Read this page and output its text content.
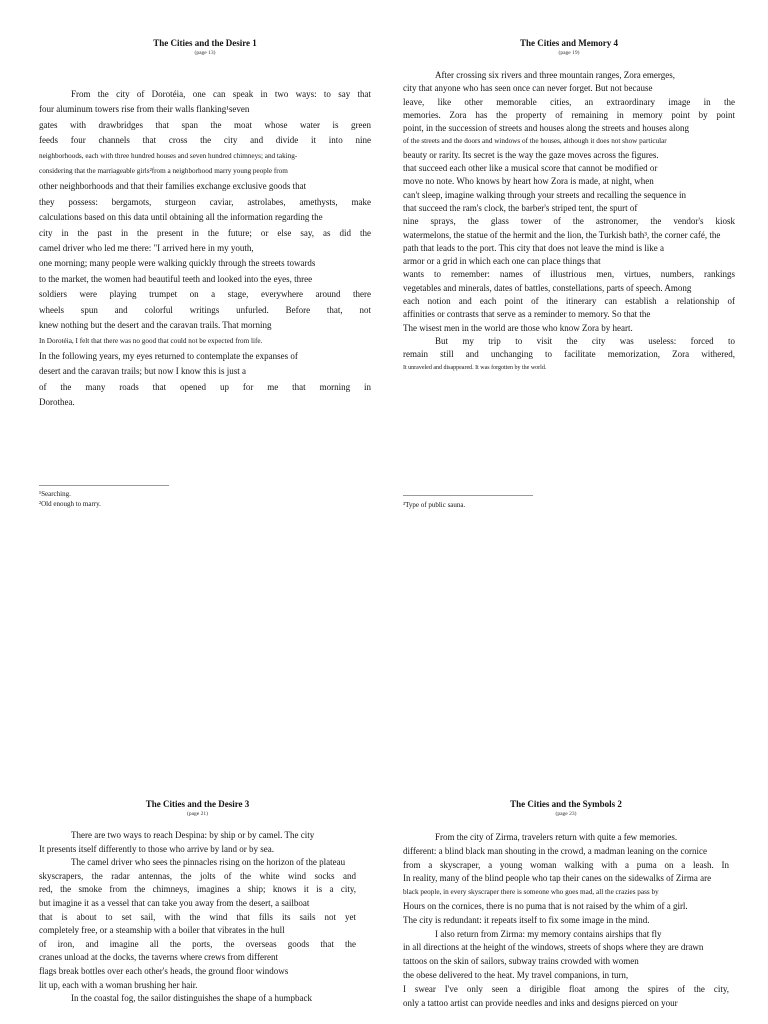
The Cities and the Desire 1
(page 13)
From the city of Dorotéia, one can speak in two ways: to say that
four aluminum towers rise from their walls flanking¹seven
gates with drawbridges that span the moat whose water is green
feeds four channels that cross the city and divide it into nine
neighborhoods, each with three hundred houses and seven hundred chimneys; and taking-
considering that the marriageable girls²from a neighborhood marry young people from
other neighborhoods and that their families exchange exclusive goods that
they possess: bergamots, sturgeon caviar, astrolabes, amethysts, make
calculations based on this data until obtaining all the information regarding the
city in the past in the present in the future; or else say, as did the
camel driver who led me there: "I arrived here in my youth,
one morning; many people were walking quickly through the streets towards
to the market, the women had beautiful teeth and looked into the eyes, three
soldiers were playing trumpet on a stage, everywhere around there
wheels spun and colorful writings unfurled. Before that, not
knew nothing but the desert and the caravan trails. That morning
In Dorotéia, I felt that there was no good that could not be expected from life.
In the following years, my eyes returned to contemplate the expanses of
desert and the caravan trails; but now I know this is just a
of the many roads that opened up for me that morning in
Dorothea.
¹Searching.
²Old enough to marry.
The Cities and Memory 4
(page 19)
After crossing six rivers and three mountain ranges, Zora emerges,
city that anyone who has seen once can never forget. But not because
leave, like other memorable cities, an extraordinary image in the
memories. Zora has the property of remaining in memory point by point
point, in the succession of streets and houses along the streets and houses along
of the streets and the doors and windows of the houses, although it does not show particular
beauty or rarity. Its secret is the way the gaze moves across the figures.
that succeed each other like a musical score that cannot be modified or
move no note. Who knows by heart how Zora is made, at night, when
can't sleep, imagine walking through your streets and recalling the sequence in
that succeed the ram's clock, the barber's striped tent, the spurt of
nine sprays, the glass tower of the astronomer, the vendor's kiosk
watermelons, the statue of the hermit and the lion, the Turkish bath³, the corner café, the
path that leads to the port. This city that does not leave the mind is like a
armor or a grid in which each one can place things that
wants to remember: names of illustrious men, virtues, numbers, rankings
vegetables and minerals, dates of battles, constellations, parts of speech. Among
each notion and each point of the itinerary can establish a relationship of
affinities or contrasts that serve as a reminder to memory. So that the
The wisest men in the world are those who know Zora by heart.
But my trip to visit the city was useless: forced to
remain still and unchanging to facilitate memorization, Zora withered,
It unraveled and disappeared. It was forgotten by the world.
³Type of public sauna.
The Cities and the Desire 3
(page 21)
There are two ways to reach Despina: by ship or by camel. The city
It presents itself differently to those who arrive by land or by sea.
The camel driver who sees the pinnacles rising on the horizon of the plateau
skyscrapers, the radar antennas, the jolts of the white wind socks and
red, the smoke from the chimneys, imagines a ship; knows it is a city,
but imagine it as a vessel that can take you away from the desert, a sailboat
that is about to set sail, with the wind that fills its sails not yet
completely free, or a steamship with a boiler that vibrates in the hull
of iron, and imagine all the ports, the overseas goods that the
cranes unload at the docks, the taverns where crews from different
flags break bottles over each other's heads, the ground floor windows
lit up, each with a woman brushing her hair.
In the coastal fog, the sailor distinguishes the shape of a humpback
The Cities and the Symbols 2
(page 23)
From the city of Zirma, travelers return with quite a few memories.
different: a blind black man shouting in the crowd, a madman leaning on the cornice
from a skyscraper, a young woman walking with a puma on a leash. In
In reality, many of the blind people who tap their canes on the sidewalks of Zirma are
black people, in every skyscraper there is someone who goes mad, all the crazies pass by
Hours on the cornices, there is no puma that is not raised by the whim of a girl.
The city is redundant: it repeats itself to fix some image in the mind.
I also return from Zirma: my memory contains airships that fly
in all directions at the height of the windows, streets of shops where they are drawn
tattoos on the skin of sailors, subway trains crowded with women
the obese delivered to the heat. My travel companions, in turn,
I swear I've only seen a dirigible float among the spires of the city,
only a tattoo artist can provide needles and inks and designs pierced on your
